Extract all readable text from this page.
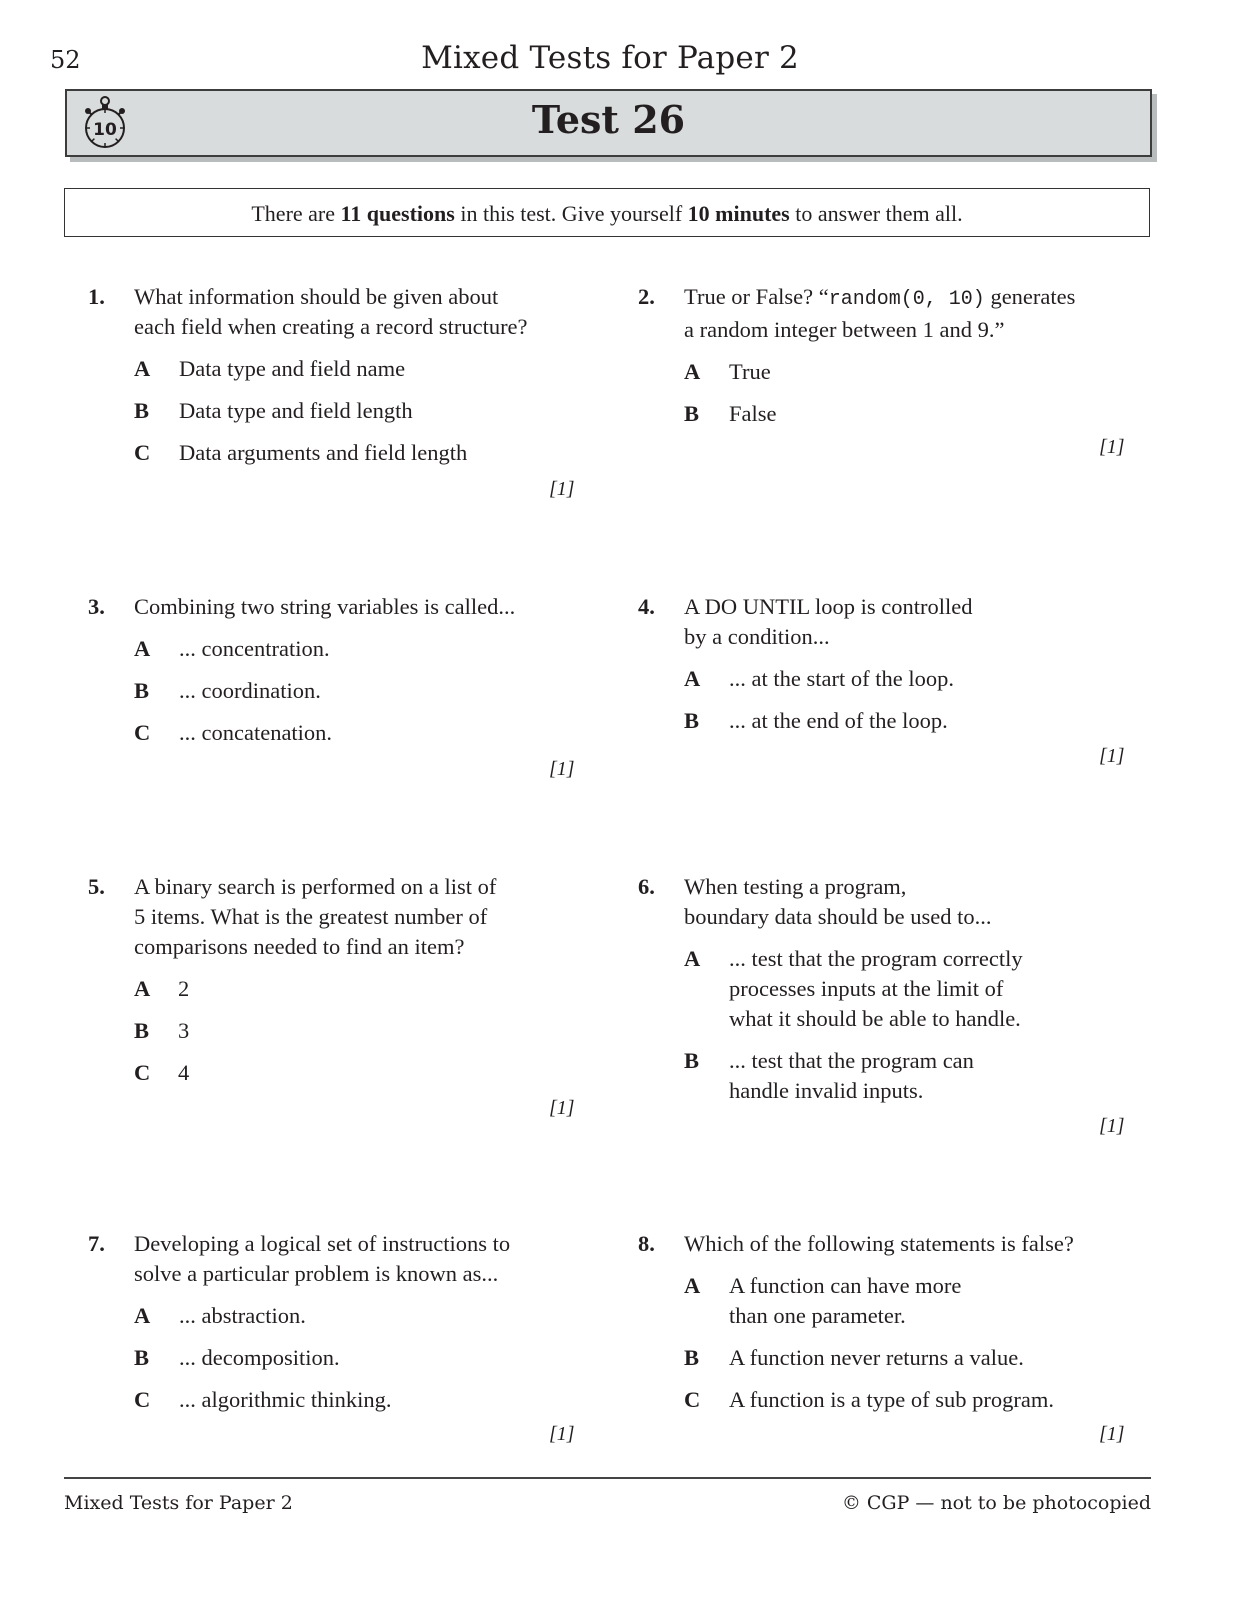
52	Mixed Tests for Paper 2
10	Test 26
There are 11 questions in this test. Give yourself 10 minutes to answer them all.
1. What information should be given about
each field when creating a record structure?
A Data type and field name
B Data type and field length
C Data arguments and field length
[1]
2. True or False? “random(0, 10) generates
a random integer between 1 and 9.”
A True
B False
[1]
3. Combining two string variables is called...
A ... concentration.
B ... coordination.
C ... concatenation.
[1]
4. A DO UNTIL loop is controlled
by a condition...
A ... at the start of the loop.
B ... at the end of the loop.
[1]
5. A binary search is performed on a list of
5 items. What is the greatest number of
comparisons needed to find an item?
A 2
B 3
C 4
[1]
6. When testing a program,
boundary data should be used to...
A ... test that the program correctly
processes inputs at the limit of
what it should be able to handle.
B ... test that the program can
handle invalid inputs.
[1]
7. Developing a logical set of instructions to
solve a particular problem is known as...
A ... abstraction.
B ... decomposition.
C ... algorithmic thinking.
[1]
8. Which of the following statements is false?
A A function can have more
than one parameter.
B A function never returns a value.
C A function is a type of sub program.
[1]
Mixed Tests for Paper 2	© CGP — not to be photocopied
